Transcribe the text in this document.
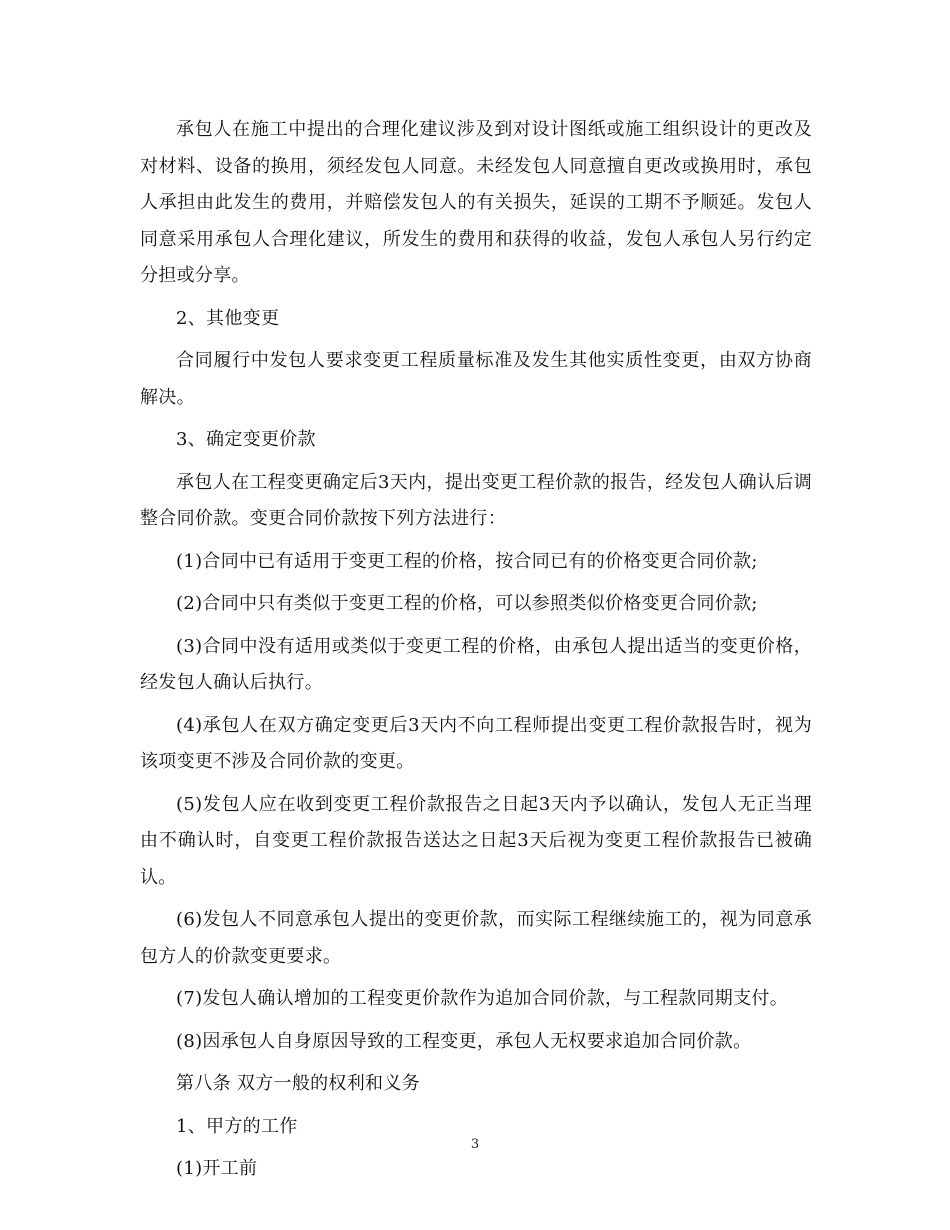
承包人在施工中提出的合理化建议涉及到对设计图纸或施工组织设计的更改及对材料、设备的换用，须经发包人同意。未经发包人同意擅自更改或换用时，承包人承担由此发生的费用，并赔偿发包人的有关损失，延误的工期不予顺延。发包人同意采用承包人合理化建议，所发生的费用和获得的收益，发包人承包人另行约定分担或分享。

2、其他变更

合同履行中发包人要求变更工程质量标准及发生其他实质性变更，由双方协商解决。

3、确定变更价款

承包人在工程变更确定后3天内，提出变更工程价款的报告，经发包人确认后调整合同价款。变更合同价款按下列方法进行：

(1)合同中已有适用于变更工程的价格，按合同已有的价格变更合同价款;

(2)合同中只有类似于变更工程的价格，可以参照类似价格变更合同价款;

(3)合同中没有适用或类似于变更工程的价格，由承包人提出适当的变更价格，经发包人确认后执行。

(4)承包人在双方确定变更后3天内不向工程师提出变更工程价款报告时，视为该项变更不涉及合同价款的变更。

(5)发包人应在收到变更工程价款报告之日起3天内予以确认，发包人无正当理由不确认时，自变更工程价款报告送达之日起3天后视为变更工程价款报告已被确认。

(6)发包人不同意承包人提出的变更价款，而实际工程继续施工的，视为同意承包方人的价款变更要求。

(7)发包人确认增加的工程变更价款作为追加合同价款，与工程款同期支付。

(8)因承包人自身原因导致的工程变更，承包人无权要求追加合同价款。

第八条 双方一般的权利和义务

1、甲方的工作

(1)开工前

3
